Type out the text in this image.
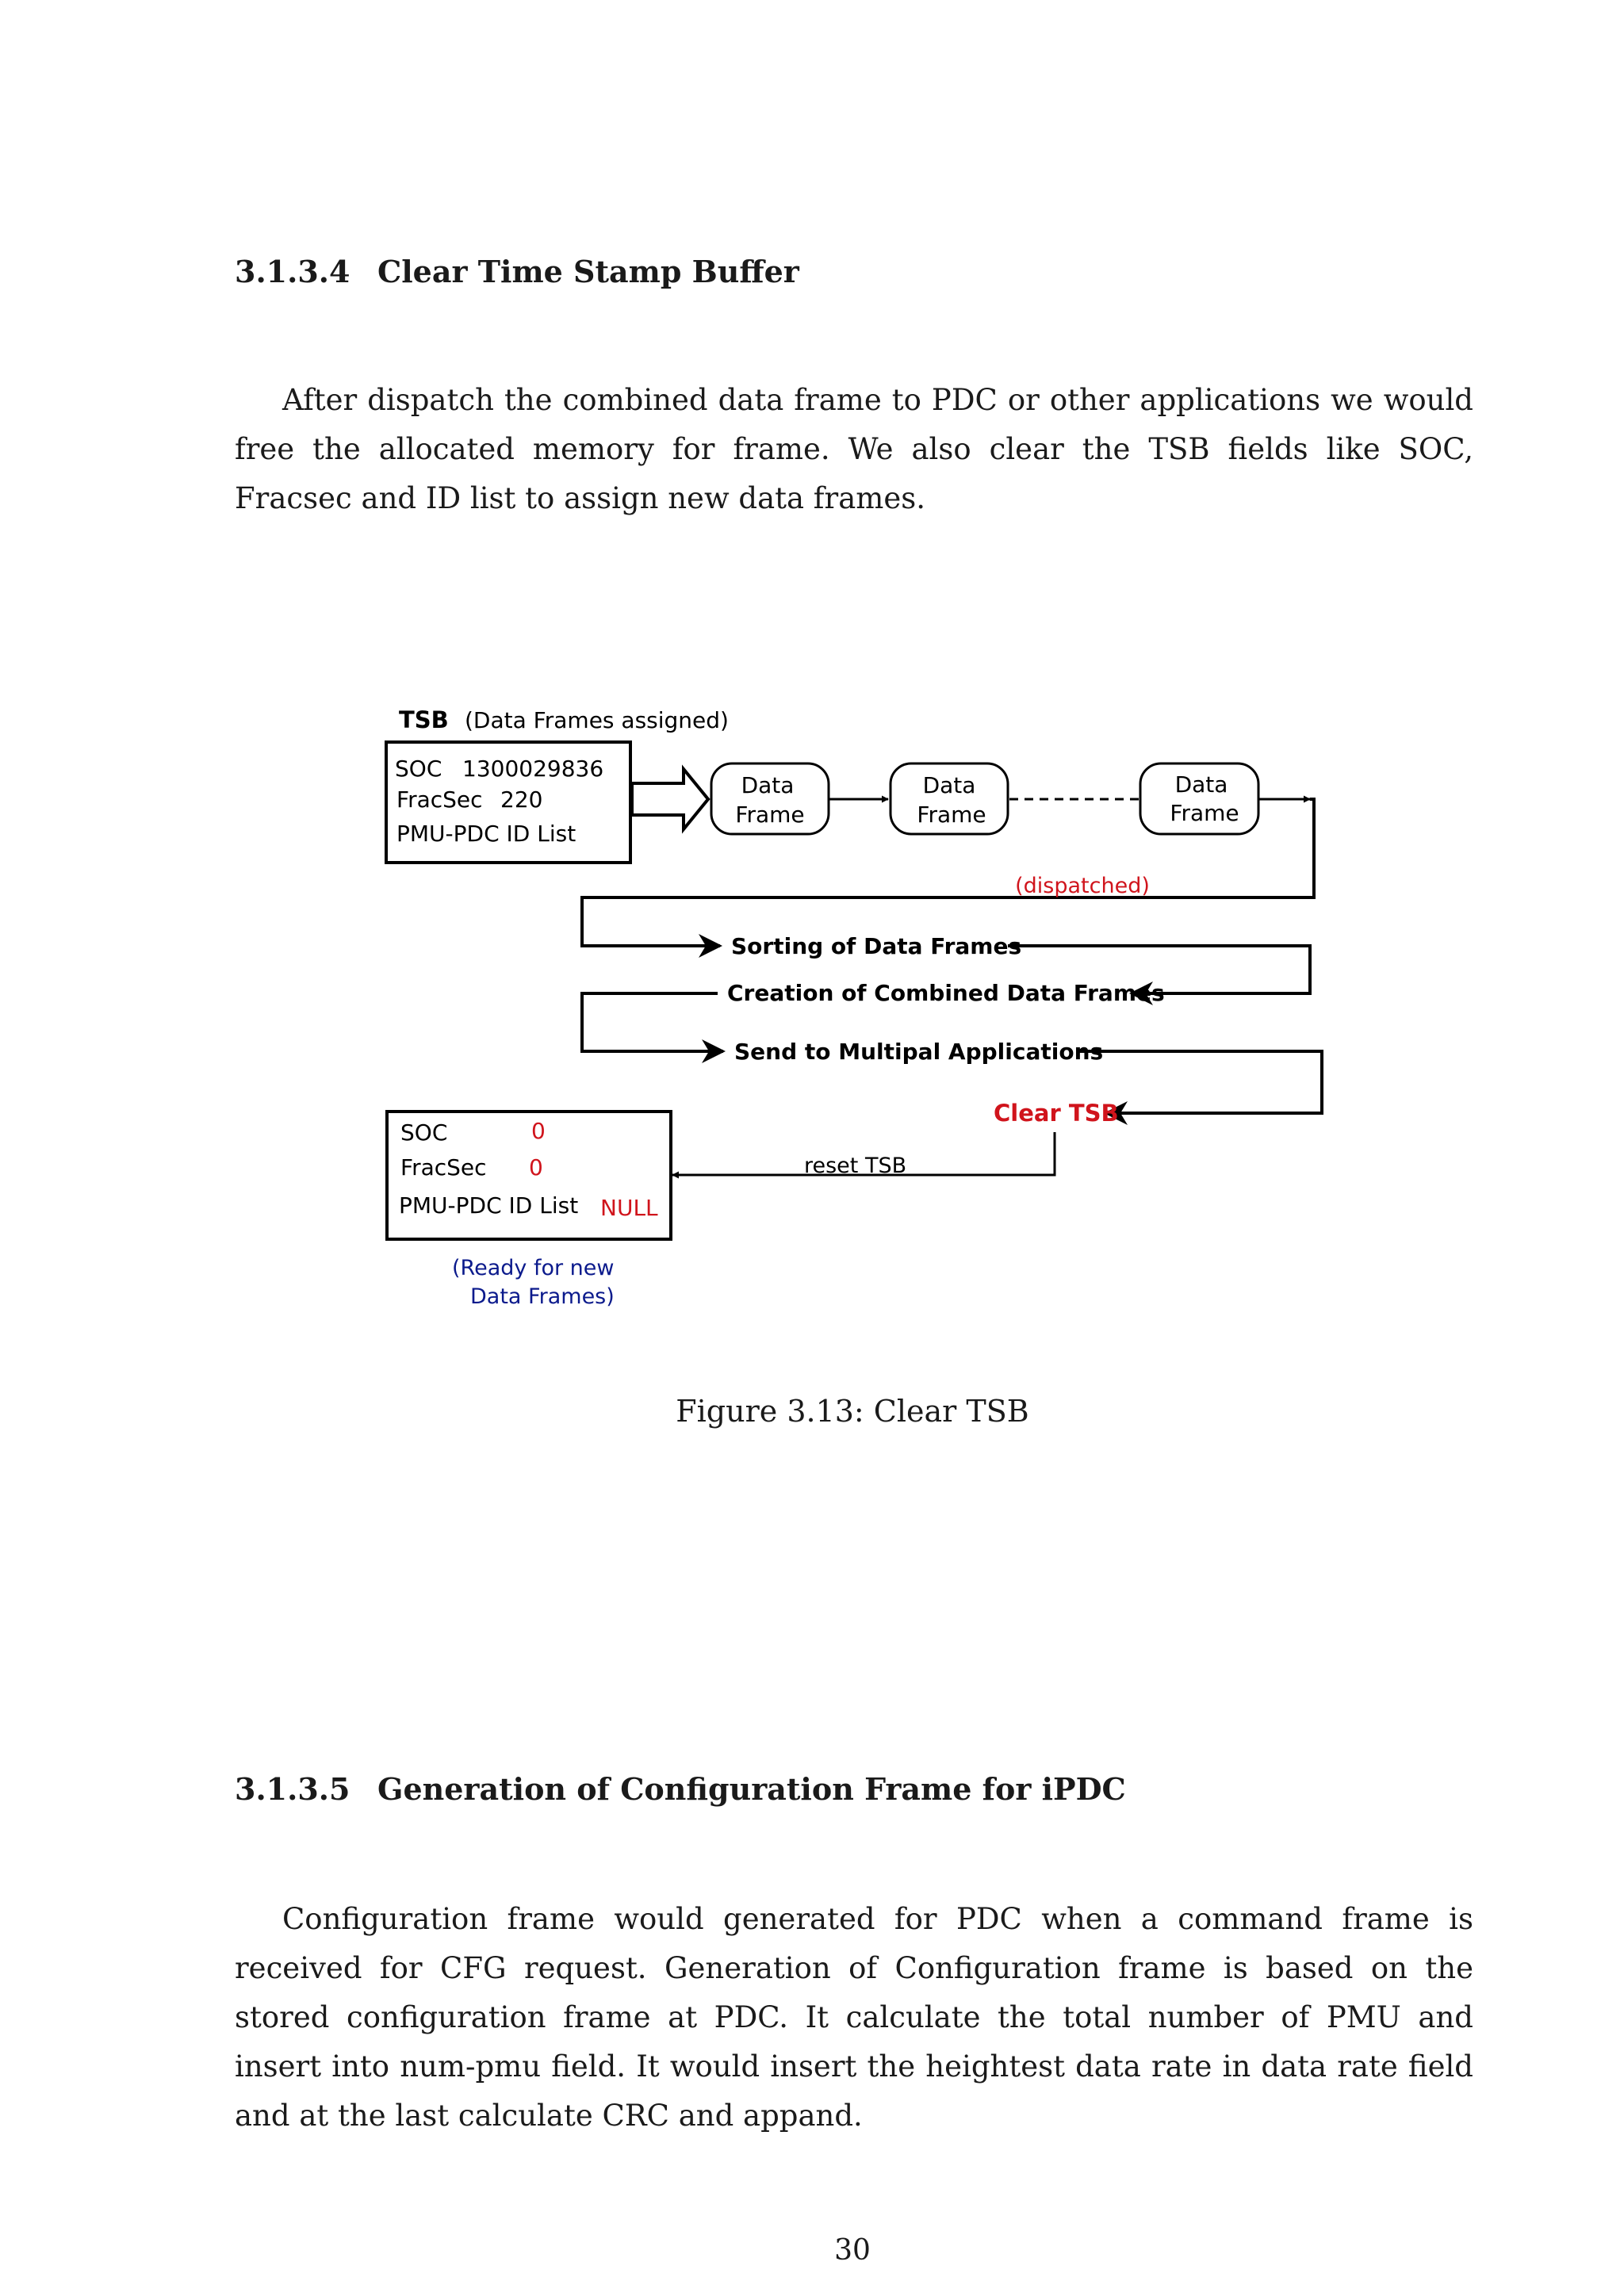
3.1.3.4 Clear Time Stamp Buffer

After dispatch the combined data frame to PDC or other applications we would free the allocated memory for frame. We also clear the TSB fields like SOC, Fracsec and ID list to assign new data frames.

TSB (Data Frames assigned)
SOC 1300029836
FracSec 220
PMU-PDC ID List
Data
Frame
Data
Frame
Data
Frame
(dispatched)
Sorting of Data Frames
Creation of Combined Data Frames
Send to Multipal Applications
Clear TSB
reset TSB
SOC	0
FracSec 0
PMU-PDC ID List NULL
(Ready for new
Data Frames)

Figure 3.13: Clear TSB

3.1.3.5 Generation of Configuration Frame for iPDC

Configuration frame would generated for PDC when a command frame is received for CFG request. Generation of Configuration frame is based on the stored configuration frame at PDC. It calculate the total number of PMU and insert into num-pmu field. It would insert the heightest data rate in data rate field and at the last calculate CRC and appand.

30
